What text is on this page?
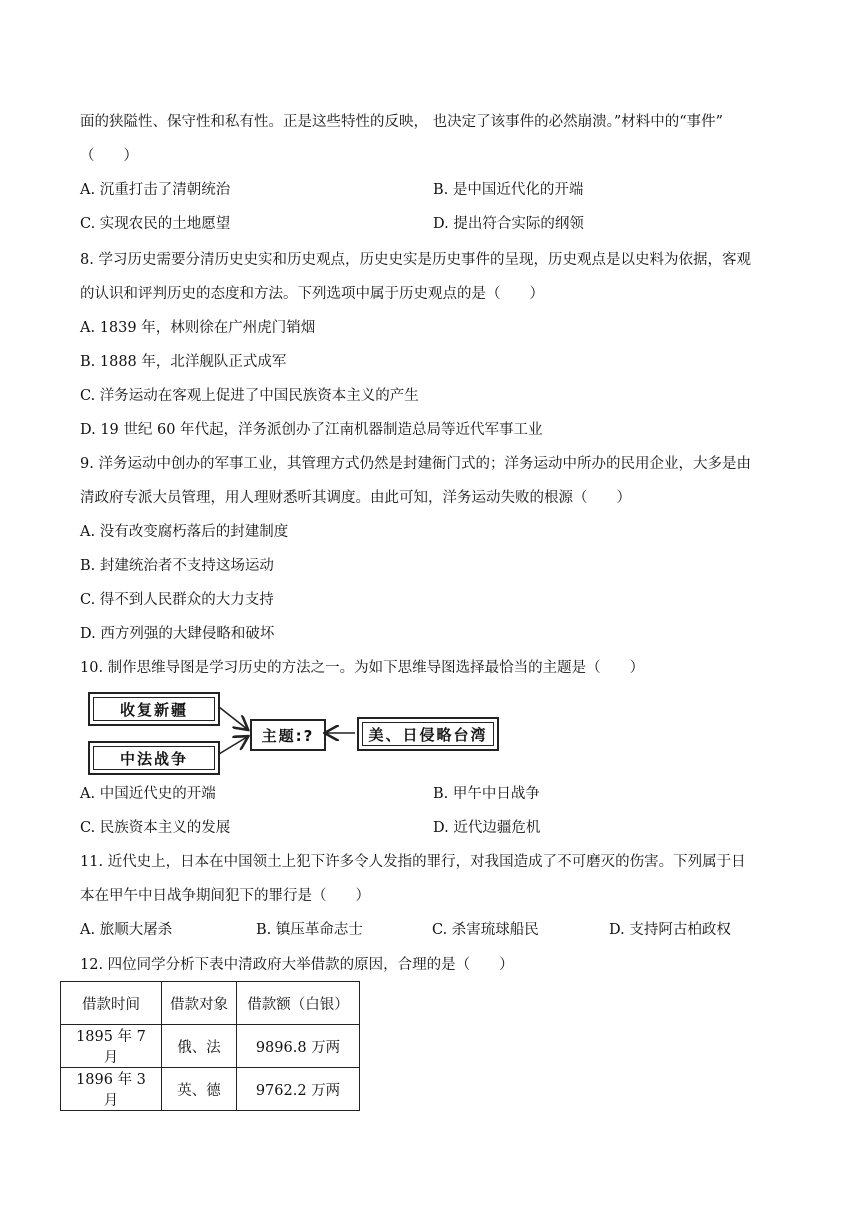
面的狭隘性、保守性和私有性。正是这些特性的反映， 也决定了该事件的必然崩溃。”材料中的“事件”
（　　）
A. 沉重打击了清朝统治	B. 是中国近代化的开端
C. 实现农民的土地愿望	D. 提出符合实际的纲领
8. 学习历史需要分清历史史实和历史观点，历史史实是历史事件的呈现，历史观点是以史料为依据，客观
的认识和评判历史的态度和方法。下列选项中属于历史观点的是（　　）
A. 1839 年，林则徐在广州虎门销烟
B. 1888 年，北洋舰队正式成军
C. 洋务运动在客观上促进了中国民族资本主义的产生
D. 19 世纪 60 年代起，洋务派创办了江南机器制造总局等近代军事工业
9. 洋务运动中创办的军事工业，其管理方式仍然是封建衙门式的；洋务运动中所办的民用企业，大多是由
清政府专派大员管理，用人理财悉听其调度。由此可知，洋务运动失败的根源（　　）
A. 没有改变腐朽落后的封建制度
B. 封建统治者不支持这场运动
C. 得不到人民群众的大力支持
D. 西方列强的大肆侵略和破坏
10. 制作思维导图是学习历史的方法之一。为如下思维导图选择最恰当的主题是（　　）
收复新疆
中法战争
主题:?	美、日侵略台湾
A. 中国近代史的开端	B. 甲午中日战争
C. 民族资本主义的发展	D. 近代边疆危机
11. 近代史上，日本在中国领土上犯下许多令人发指的罪行，对我国造成了不可磨灭的伤害。下列属于日
本在甲午中日战争期间犯下的罪行是（　　）
A. 旅顺大屠杀	B. 镇压革命志士	C. 杀害琉球船民	D. 支持阿古柏政权
12. 四位同学分析下表中清政府大举借款的原因，合理的是（　　）
借款时间	借款对象	借款额（白银）
1895 年 7 月	俄、法	9896.8 万两
1896 年 3 月	英、德	9762.2 万两
